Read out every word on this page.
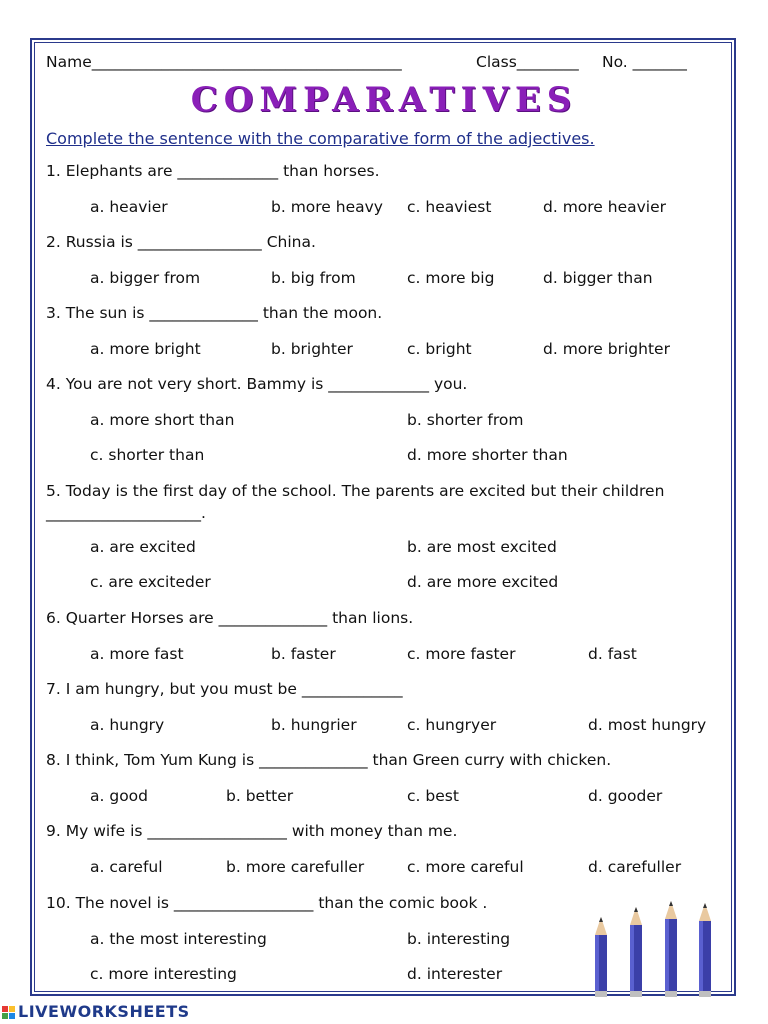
Name________________________________________	Class________ No. _______
COMPARATIVES
Complete the sentence with the comparative form of the adjectives.
1. Elephants are _____________ than horses.
a. heavier	b. more heavy c. heaviest	d. more heavier
2. Russia is ________________ China.
a. bigger from	b. big from	c. more big	d. bigger than
3. The sun is ______________ than the moon.
a. more bright	b. brighter	c. bright	d. more brighter
4. You are not very short. Bammy is _____________ you.
a. more short than	b. shorter from
c. shorter than	d. more shorter than
5. Today is the first day of the school. The parents are excited but their children
____________________.
a. are excited	b. are most excited
c. are exciteder	d. are more excited
6. Quarter Horses are ______________ than lions.
a. more fast	b. faster	c. more faster	d. fast
7. I am hungry, but you must be _____________
a. hungry	b. hungrier	c. hungryer	d. most hungry
8. I think, Tom Yum Kung is ______________ than Green curry with chicken.
a. good	b. better	c. best	d. gooder
9. My wife is __________________ with money than me.
a. careful	b. more carefuller	c. more careful	d. carefuller
10. The novel is __________________ than the comic book .
a. the most interesting	b. interesting
c. more interesting	d. interester
LIVEWORKSHEETS
